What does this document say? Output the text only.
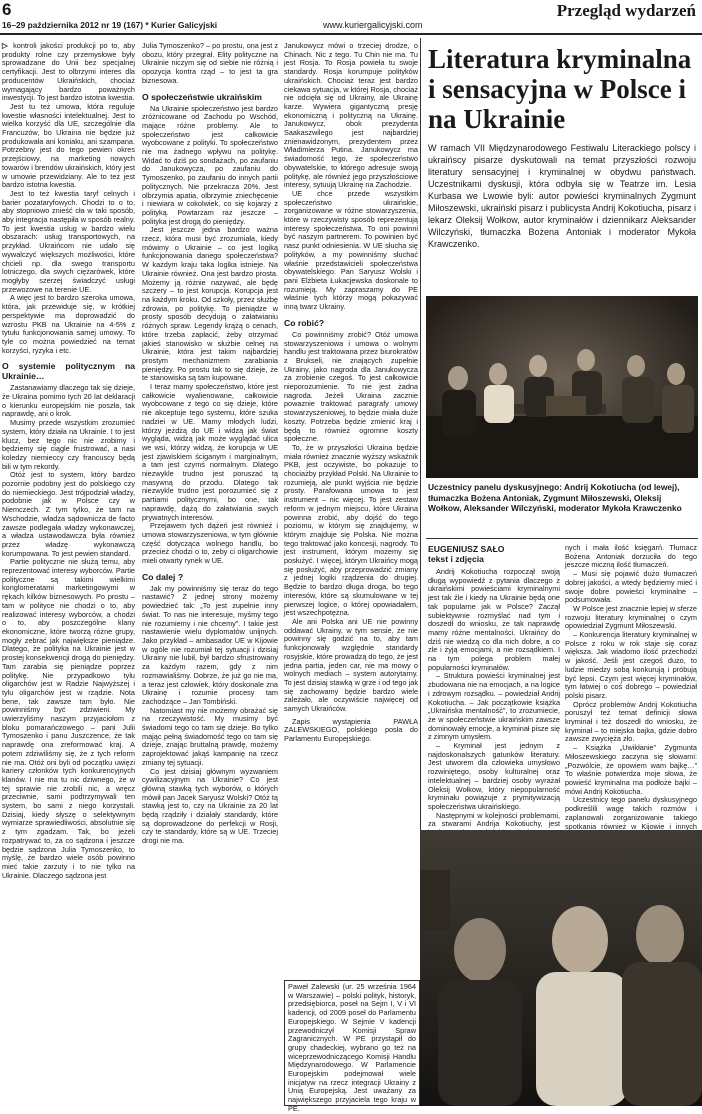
6
16–29 października 2012 nr 19 (167) * Kurier Galicyjski	www.kuriergalicyjski.com
Przegląd wydarzeń

▷ kontroli jakości produkcji po to, aby produkty rolne czy przemysłowe były sprowadzane do Unii bez specjalnej certyfikacji. Jest to olbrzymi interes dla producentów Ukraińskich, chociaż wymagający bardzo poważnych inwestycji. To jest bardzo istotna kwestia.

Jest tu też umowa, która reguluje kwestie własności intelektualnej. Jest to wielka korzyść dla UE, szczególnie dla Francuzów, bo Ukraina nie będzie już produkowała ani koniaku, ani szampana. Potrzebny jest do tego pewien okres przejściowy, na marketing nowych towarów i brendów ukraińskich, który jest w umowie przewidziany. Ale to też jest bardzo istotna kwestia.

Jest to też kwestia taryf celnych i barier pozataryfowych. Chodzi to o to, aby stopniowo znieść cła w taki sposób, aby integracja następiła w sposób realny. To jest kwestia usług w bardzo wielu obszarach: usług transportowych, na przykład. Ukraińcom nie udało się wywalczyć większych możliwości, które chcieli np. dla swego transportu lotniczego, dla swych ciężarówek, które mogłyby szerzej świadczyć usługi przewozowe na terenie UE.

A więc jest to bardzo szeroka umowa, która, jak przewiduje się, w krótkiej perspektywie ma doprowadzić do wzrostu PKB na Ukrainie na 4-5% z tytułu funkcjonowania samej umowy. To tyle co można powiedzieć na temat korzyści, ryzyka i etc.

O systemie politycznym na Ukrainie…

Zastanawiamy dlaczego tak się dzieje, że Ukraina pomimo tych 20 lat deklaracji o kierunku europejskim nie poszła, tak naprawdę, ani o krok.

Musimy przede wszystkim zrozumieć system, który działa na Ukrainie. I to jest klucz, bez tego nic nie zrobimy i będziemy się ciągle frustrować, a nasi koledzy niemieccy czy francuscy będą bili w tym rekordy.

Otóż jest to system, który bardzo pozornie podobny jest do polskiego czy do niemieckiego. Jest trójpodział władzy, podobnie jak w Polsce czy w Niemczech. Z tym tylko, że tam na Wschodzie, władza sądownicza de facto zawsze podlegała władzy wykonawczej, a władza ustawodawcza była również przez władzę wykonawczą korumpowana. To jest pewien standard.

Partie polityczne nie służą temu, aby reprezentować interesy wyborców. Partie polityczne są takimi wielkimi konglomeratami marketingowymi w rękach kilków biznesowych. Po prostu – tam w polityce nie chodzi o to, aby realizować interesy wyborców, a chodzi o to, aby poszczególne klany ekonomiczne, które tworzą różne grupy, mogły zebrać jak największe pieniądze. Dlatego, że polityka na Ukrainie jest w prostej konsekwencji drogą do pieniędzy. Tam zarabia się pieniądze poprzez politykę. Nie przypadkowo tylu oligarchów jest w Radzie Najwyższej i tylu oligarchów jest w rządzie. Nota bene, tak zawsze tam było. Nie powinniśmy być zdziwieni. My uwierzyliśmy naszym przyjaciołom z bloku pomarańczowego – pani Julii Tymoszenko i panu Juszczence, że tak naprawdę ona zreformować kraj. A potem zdziwiliśmy się, że z tych reform nie ma. Otóż oni byli od początku uwięzi kariery członków tych konkurencyjnych klanów. I nie ma tu nic dziwnego, że w tej sprawie nie zrobili nic, a wręcz przeciwnie, sami podtrzymywali ten system, bo sami z niego korzystali. Dzisiaj, kiedy słyszę o selektywnym wymiarze sprawiedliwości, absolutnie się z tym zgadzam. Tak, bo jeżeli rozpatrywać to, za co sądzona i jeszcze będzie sądzona Julia Tymoszenko, to myślę, że bardzo wiele osób powinno mieć takie zarzuty i to nie tylko na Ukrainie. Dlaczego sądzona jest

Julia Tymoszenko? – po prostu, ona jest z obozu, który przegrał. Elity polityczne na Ukrainie niczym się od siebie nie różnią i opozycja kontra rząd – to jest ta gra biznesowa.

O społeczeństwie ukraińskim

Na Ukrainie społeczeństwo jest bardzo zróżnicowane od Zachodu po Wschód, mające różne problemy. Ale to społeczeństwo jest całkowicie wyobcowane z polityki. To społeczeństwo nie ma żadnego wpływu na politykę. Widać to dziś po sondażach, po zaufaniu do Janukowycza, po zaufaniu do Tymoszenko, po zaufaniu do innych partii politycznych. Nie przekracza 20%. Jest olbrzymia apatia, olbrzymie zniechęcenie i niewiara w cokolwiek, co się kojarzy z polityką. Powtarzam raz jeszcze – polityka jest drogą do pieniędzy.

Jest jeszcze jedna bardzo ważna rzecz, która musi być zrozumiała, kiedy mówimy o Ukrainie – co jest logiką funkcjonowania danego społeczeństwa? W każdym kraju taka logika istnieje. Na Ukrainie również. Ona jest bardzo prosta. Możemy ją różnie nazywać, ale będę szczery – to jest korupcja. Korupcja jest na każdym kroku. Od szkoły, przez służbę zdrowia, po politykę. To pieniądze w prosty sposób decydują o załatwianiu różnych spraw. Legendy krążą o cenach, które trzeba zapłacić, żeby otrzymać jakieś stanowisko w służbie celnej na Ukrainie, która jest takim najbardziej prostym mechanizmem zarabiania pieniędzy. Po prostu tak to się dzieje, że te stanowiska są tam kupowane.

I teraz mamy społeczeństwo, które jest całkowicie wyalienowane, całkowicie wyobcowane z tego co się dzieje, które nie akceptuje tego systemu, które szuka nadziei w UE. Mamy młodych ludzi, którzy jeżdżą do UE i widzą jak świat wygląda, widzą jak może wyglądać ulica we wsi, którzy widzą, że korupcja w UE jest zjawiskiem ściganym i marginalnym, a tam jest czymś normalnym. Dlatego niezwykle trudno jest poruszać tą masywną do przodu. Dlatego tak niezwykle trudno jest porozumieć się z partiami politycznymi, bo one, tak naprawdę, dążą do załatwiania swych prywatnych interesów.

Przejawem tych dążeń jest również i umowa stowarzyszeniowa, w tym głównie część dotycząca wolnego handlu, bo przecież chodzi o to, żeby ci oligarchowie mieli otwarty rynek w UE.

Co dalej ?

Jak my powinniśmy się teraz do tego nastawić? Z jednej strony możemy powiedzieć tak: „To jest zupełnie inny świat. To nas nie interesuje, myśmy tego nie rozumiemy i nie chcemy”. I takie jest nastawienie wielu dyplomatów unijnych. Jako przykład – ambasador UE w Kijowie w ogóle nie rozumiał tej sytuacji i dzisiaj Ukrainy nie lubił, był bardzo sfrustrowany za każdym razem, gdy z nim rozmawialiśmy. Dobrze, że już go nie ma, a teraz jest człowiek, który doskonale zna Ukrainę i rozumie procesy tam zachodzące – Jan Tombiński.

Natomiast my nie możemy obrażać się na rzeczywistość. My musimy być świadomi tego co tam się dzieje. Bo tylko mając pełną świadomość tego co tam się dzieje, znając bruttalną prawdę, możemy zaprojektować jakąś kampanię na rzecz zmiany tej sytuacji.

Co jest dzisiaj głównym wyzwaniem cywilizacyjnym na Ukrainie? Co jest główną stawką tych wyborów, o których mówił pan Jacek Saryusz Wolski? Otóż tą stawką jest to, czy na Ukrainie za 20 lat będą rządziły i działały standardy, które są doprowadzone do perfekcji w Rosji, czy te standardy, które są w UE. Trzeciej drogi nie ma.

Janukowycz mówi o trzeciej drodze, o Chinach. Nic z tego. Tu Chin nie ma. Tu jest Rosja. To Rosja powieła tu swoje standardy. Rosja korumpuje polityków ukraińskich. Chociaż teraz jest bardzo ciekawa sytuacja, w której Rosja, chociaż nie odcięła się od Ukrainy, ale Ukrainę karze. Wywiera gigantyczną presję ekonomiczną i polityczną na Ukrainę. Janukowycz, obok prezydenta Saakaszwilego jest najbardziej znienawidzonym, prezydentem przez Władimierza Putina. Janukowycz ma świadomość tego, że społeczeństwo obywatelskie, to którego adresuje swoją politykę, ale również jego przyszłościowe interesy, sytuują Ukrainę na Zachodzie.

UE chce przede wszystkim społeczeństwo ukraińskie, zorganizowane w różne stowarzyszenia, które w rzeczywisty sposób reprezentują interesy społeczeństwa. To oni powinni być naszym partnerem. To powinien być nasz punkt odniesienia. W UE słucha się polityków, a my powinniśmy słuchać właśnie przedstawicieli społeczeństwa obywatelskiego. Pan Saryusz Wolski i pani Elżbieta Łukacjewska doskonale to rozumieją. My zapraszamy do PE właśnie tych którzy mogą pokazywać inną twarz Ukrainy.

Co robić?

Co powinniśmy zrobić? Otóż umowa stowarzyszeniowa i umowa o wolnym handlu jest traktowana przez biurokratów z Brukseli, nie znających zupełnie Ukrainy, jako nagroda dla Janukowycza za zrobienie czegoś. To jest całkowicie nieporozumienie. To nie jest żadna nagroda. Jeżeli Ukraina zacznie powaznie traktować paragrafy umowy stowarzyszeniowej, to będzie miała duże koszty. Potrzeba będzie zmienić kraj i będą to również ogromne koszty społeczne.

To, że w przyszłości Ukraina będzie miała również znacznie wyższy wskaźnik PKB, jest oczywiste, bo pokazuje to chociażby przykład Polski. Na Ukrainie to rozumieją, ale punkt wyjścia nie będzie prosty. Parafowana umowa to jest instrument – nic więcej. To jest zestaw reform w jednym miejscu, które Ukraina powinna zrobić, aby dojść do tego poziomu, w którym się znajdujemy, w którym znajduje się Polska. Nie można tego traktować jako koncesji, nagrody. To jest instrument, którym możemy się posłużyć. I więcej, którym Ukraińcy mogą się posłużyć, aby przeprowadzić zmiany z jednej logiki rządzenia do drugiej. Będzie to bardzo długa droga, bo tego interesów, które są skumulowane w tej pierwszej logice, o której opowiadałem, jest wszechpotężna.

Ale ani Polska ani UE nie powinny oddawać Ukrainy, w tym sensie, że nie powinny się godzić na to, aby tam funkcjonowały względnie standardy rosyjskie, które prowadzą do tego, że jest jedna partia, jeden car, nie ma mowy o wolnych mediach – system autorytarny. To jest dzisiaj stawką w grze i od tego jak się zachowamy będzie bardzo wiele zależało, ale oczywiście najwięcej od samych Ukraińców.

Zapis wystąpienia PAWŁA ZALEWSKIEGO, polskiego posła do Parlamentu Europejskiego.

Paweł Zalewski (ur. 25 września 1964 w Warszawie) – polski polityk, historyk, przedsiębiorca, poseł na Sejm I, V i VI kadencji, od 2009 poseł do Parlamentu Europejskiego. W Sejmie V kadencji przewodniczył Komisji Spraw Zagranicznych. W PE przystąpił do grupy chadeckiej, wybrano go też na wiceprzewodniczącego Komisji Handlu Międzynarodowego. W Parlamencie Europejskim podejmował wiele inicjatyw na rzecz integracji Ukrainy z Unią Europejską. Jest uważany za największego przyjaciela tego kraju w PE.

Literatura kryminalna i sensacyjna w Polsce i na Ukrainie
W ramach VII Międzynarodowego Festiwalu Literackiego polscy i ukraińscy pisarze dyskutowali na temat przyszłości rozwoju literatury sensacyjnej i kryminalnej w obydwu państwach. Uczestnikami dyskusji, która odbyła się w Teatrze im. Lesia Kurbasa we Lwowie byli: autor powieści kryminalnych Zygmunt Miłoszewski, ukraiński pisarz i publicysta Andrij Kokotiucha, pisarz i lekarz Oleksij Wołkow, autor kryminałów i dziennikarz Aleksander Wilczyński, tłumaczka Bożena Antoniak i moderator Mykoła Krawczenko.
Uczestnicy panelu dyskusyjnego: Andrij Kokotiucha (od lewej), tłumaczka Bożena Antoniak, Zygmunt Miłoszewski, Oleksij Wołkow, Aleksander Wilczyński, moderator Mykoła Krawczenko
EUGENIUSZ SAŁO
tekst i zdjęcia

Andrij Kokotiucha rozpoczął swoją długą wypowiedź z pytania dlaczego z ukraińskimi powieściami kryminalnymi jest tak źle i kiedy na Ukrainie będą one tak popularne jak w Polsce? Zaczął subiektywnie rozmyślać nad tym i doszedł do wniosku, że tak naprawdę mamy różne mentalności. Ukraińcy do dziś nie wiedzą co dla nich dobre, a co zle i żyją emocjami, a nie rozsądkiem. I na tym polega problem małej popularności kryminałów.

– Struktura powieści kryminalnej jest zbudowana nie na emocjach, a na logice i zdrowym rozsądku. – powiedział Andrij Kokotiucha. – Jak początkowie książka „Ukraińska mentalność”, to zrozumiecie, że w społeczeństwie ukraińskim zawsze dominowały emocje, a kryminał pisze się z zimnym umysłem.

– Kryminał jest jednym z najdoskonalszych gatunków literatury. Jest utworem dla człowieka umysłowo rozwiniętego, osoby kulturalnej oraz intelektualnej – bardziej osoby wyrażał Oleksij Wołkow, który niepopularność kryminału powiązuje z prymitywizacją społeczeństwa ukraińskiego.

Następnymi w kolejności problemami, za stwarami Andrija Kokotiuchy, jest

nych i mała ilość księgarń. Tłumacz Bożena Antoniak dorzuciła do tego jeszcze miczną ilość tłumaczeń.

– Musi się pojawić dużo tłumaczeń dobrej jakości, a wtedy będziemy mieć i swoje dobre powieści kryminalne – podsumowała.

W Polsce jest znacznie lepiej w sferze rozwoju literatury kryminalnej o czym opowiedział Zygmunt Miłoszewski.

– Konkurencja literatury kryminalnej w Polsce z roku w rok staje się coraz większa. Jak wiadomo ilość przechodzi w jakość. Jeśli jest czegoś dużo, to ludzie miedzy sobą konkurują i próbują być lepsi. Czym jest więcej kryminałów, tym łatwiej o coś dobrego – powiedział polski pisarz.

Oprócz problemów Andrij Kokotiucha poruszył też temat definicji słowa kryminał i też doszedł do wniosku, że kryminał – to miejska bajka, gdzie dobro zawsze zwycięża zło.

– Książka „Uwikłanie” Zygmunta Miłoszewskiego zaczyna się słowami: „Pozwólcie, że opowiem wam bajkę…” To właśnie potwierdza moje słowa, że powieść kryminalna ma podłoże bajki – mówi Andrij Kokotiucha.

Uczestnicy tego panelu dyskusyjnego podkreślili wagę takich rozmów i zaplanowali zorganizowanie takiego spotkania również w Kijowie i innych
